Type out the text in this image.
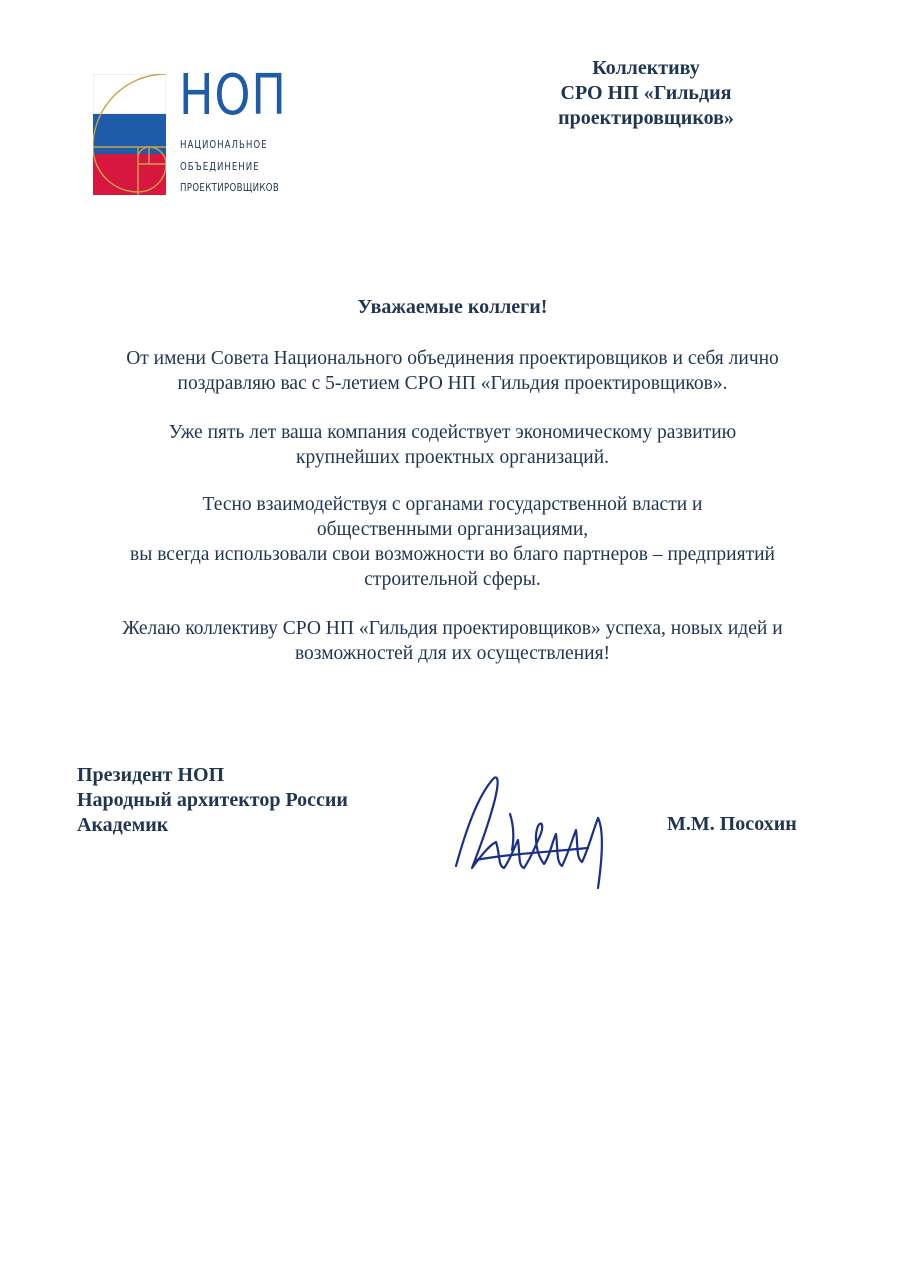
НОП
НАЦИОНАЛЬНОЕ
ОБЪЕДИНЕНИЕ
ПРОЕКТИРОВЩИКОВ
Коллективу
СРО НП «Гильдия
проектировщиков»
Уважаемые коллеги!
От имени Совета Национального объединения проектировщиков и себя лично
поздравляю вас с 5-летием СРО НП «Гильдия проектировщиков».
Уже пять лет ваша компания содействует экономическому развитию
крупнейших проектных организаций.
Тесно взаимодействуя с органами государственной власти и
общественными организациями,
вы всегда использовали свои возможности во благо партнеров – предприятий
строительной сферы.
Желаю коллективу СРО НП «Гильдия проектировщиков» успеха, новых идей и
возможностей для их осуществления!
Президент НОП
Народный архитектор России
Академик	М.М. Посохин
